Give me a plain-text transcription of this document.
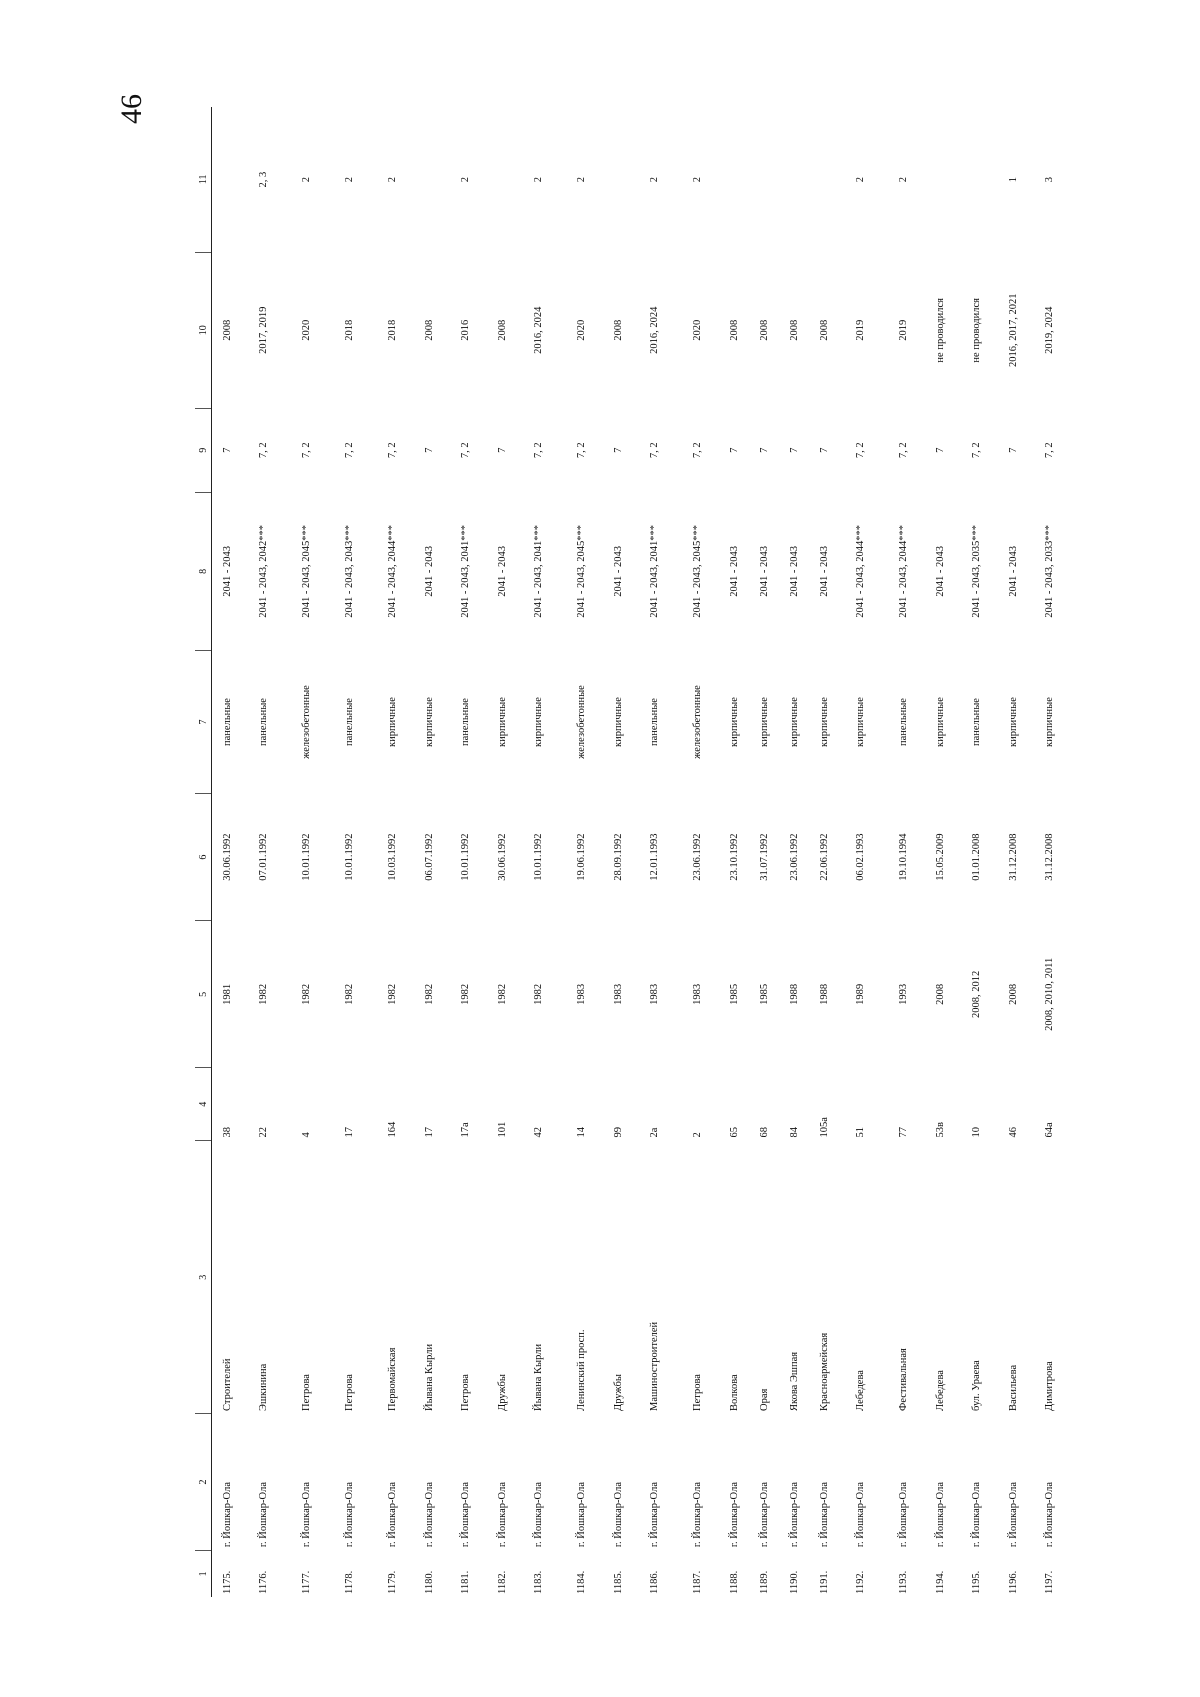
46
1	2	3	4	5	6	7	8	9	10	11
1175.	г. Йошкар-Ола	Строителей	38	1981	30.06.1992	панельные	2041 - 2043	7	2008	
1176.	г. Йошкар-Ола	Эшкинина	22	1982	07.01.1992	панельные	2041 - 2043, 2042***	7, 2	2017, 2019	2, 3
1177.	г. Йошкар-Ола	Петрова	4	1982	10.01.1992	железобетонные	2041 - 2043, 2045***	7, 2	2020	2
1178.	г. Йошкар-Ола	Петрова	17	1982	10.01.1992	панельные	2041 - 2043, 2043***	7, 2	2018	2
1179.	г. Йошкар-Ола	Первомайская	164	1982	10.03.1992	кирпичные	2041 - 2043, 2044***	7, 2	2018	2
1180.	г. Йошкар-Ола	Йывана Кырли	17	1982	06.07.1992	кирпичные	2041 - 2043	7	2008	
1181.	г. Йошкар-Ола	Петрова	17а	1982	10.01.1992	панельные	2041 - 2043, 2041***	7, 2	2016	2
1182.	г. Йошкар-Ола	Дружбы	101	1982	30.06.1992	кирпичные	2041 - 2043	7	2008	
1183.	г. Йошкар-Ола	Йывана Кырли	42	1982	10.01.1992	кирпичные	2041 - 2043, 2041***	7, 2	2016, 2024	2
1184.	г. Йошкар-Ола	Ленинский просп.	14	1983	19.06.1992	железобетонные	2041 - 2043, 2045***	7, 2	2020	2
1185.	г. Йошкар-Ола	Дружбы	99	1983	28.09.1992	кирпичные	2041 - 2043	7	2008	
1186.	г. Йошкар-Ола	Машиностроителей	2а	1983	12.01.1993	панельные	2041 - 2043, 2041***	7, 2	2016, 2024	2
1187.	г. Йошкар-Ола	Петрова	2	1983	23.06.1992	железобетонные	2041 - 2043, 2045***	7, 2	2020	2
1188.	г. Йошкар-Ола	Волкова	65	1985	23.10.1992	кирпичные	2041 - 2043	7	2008	
1189.	г. Йошкар-Ола	Орая	68	1985	31.07.1992	кирпичные	2041 - 2043	7	2008	
1190.	г. Йошкар-Ола	Якова Эшпая	84	1988	23.06.1992	кирпичные	2041 - 2043	7	2008	
1191.	г. Йошкар-Ола	Красноармейская	105а	1988	22.06.1992	кирпичные	2041 - 2043	7	2008	
1192.	г. Йошкар-Ола	Лебедева	51	1989	06.02.1993	кирпичные	2041 - 2043, 2044***	7, 2	2019	2
1193.	г. Йошкар-Ола	Фестивальная	77	1993	19.10.1994	панельные	2041 - 2043, 2044***	7, 2	2019	2
1194.	г. Йошкар-Ола	Лебедева	53в	2008	15.05.2009	кирпичные	2041 - 2043	7	не проводился	
1195.	г. Йошкар-Ола	бул. Ураева	10	2008, 2012	01.01.2008	панельные	2041 - 2043, 2035***	7, 2	не проводился	
1196.	г. Йошкар-Ола	Васильева	46	2008	31.12.2008	кирпичные	2041 - 2043	7	2016, 2017, 2021	1
1197.	г. Йошкар-Ола	Димитрова	64а	2008, 2010, 2011	31.12.2008	кирпичные	2041 - 2043, 2033***	7, 2	2019, 2024	3
